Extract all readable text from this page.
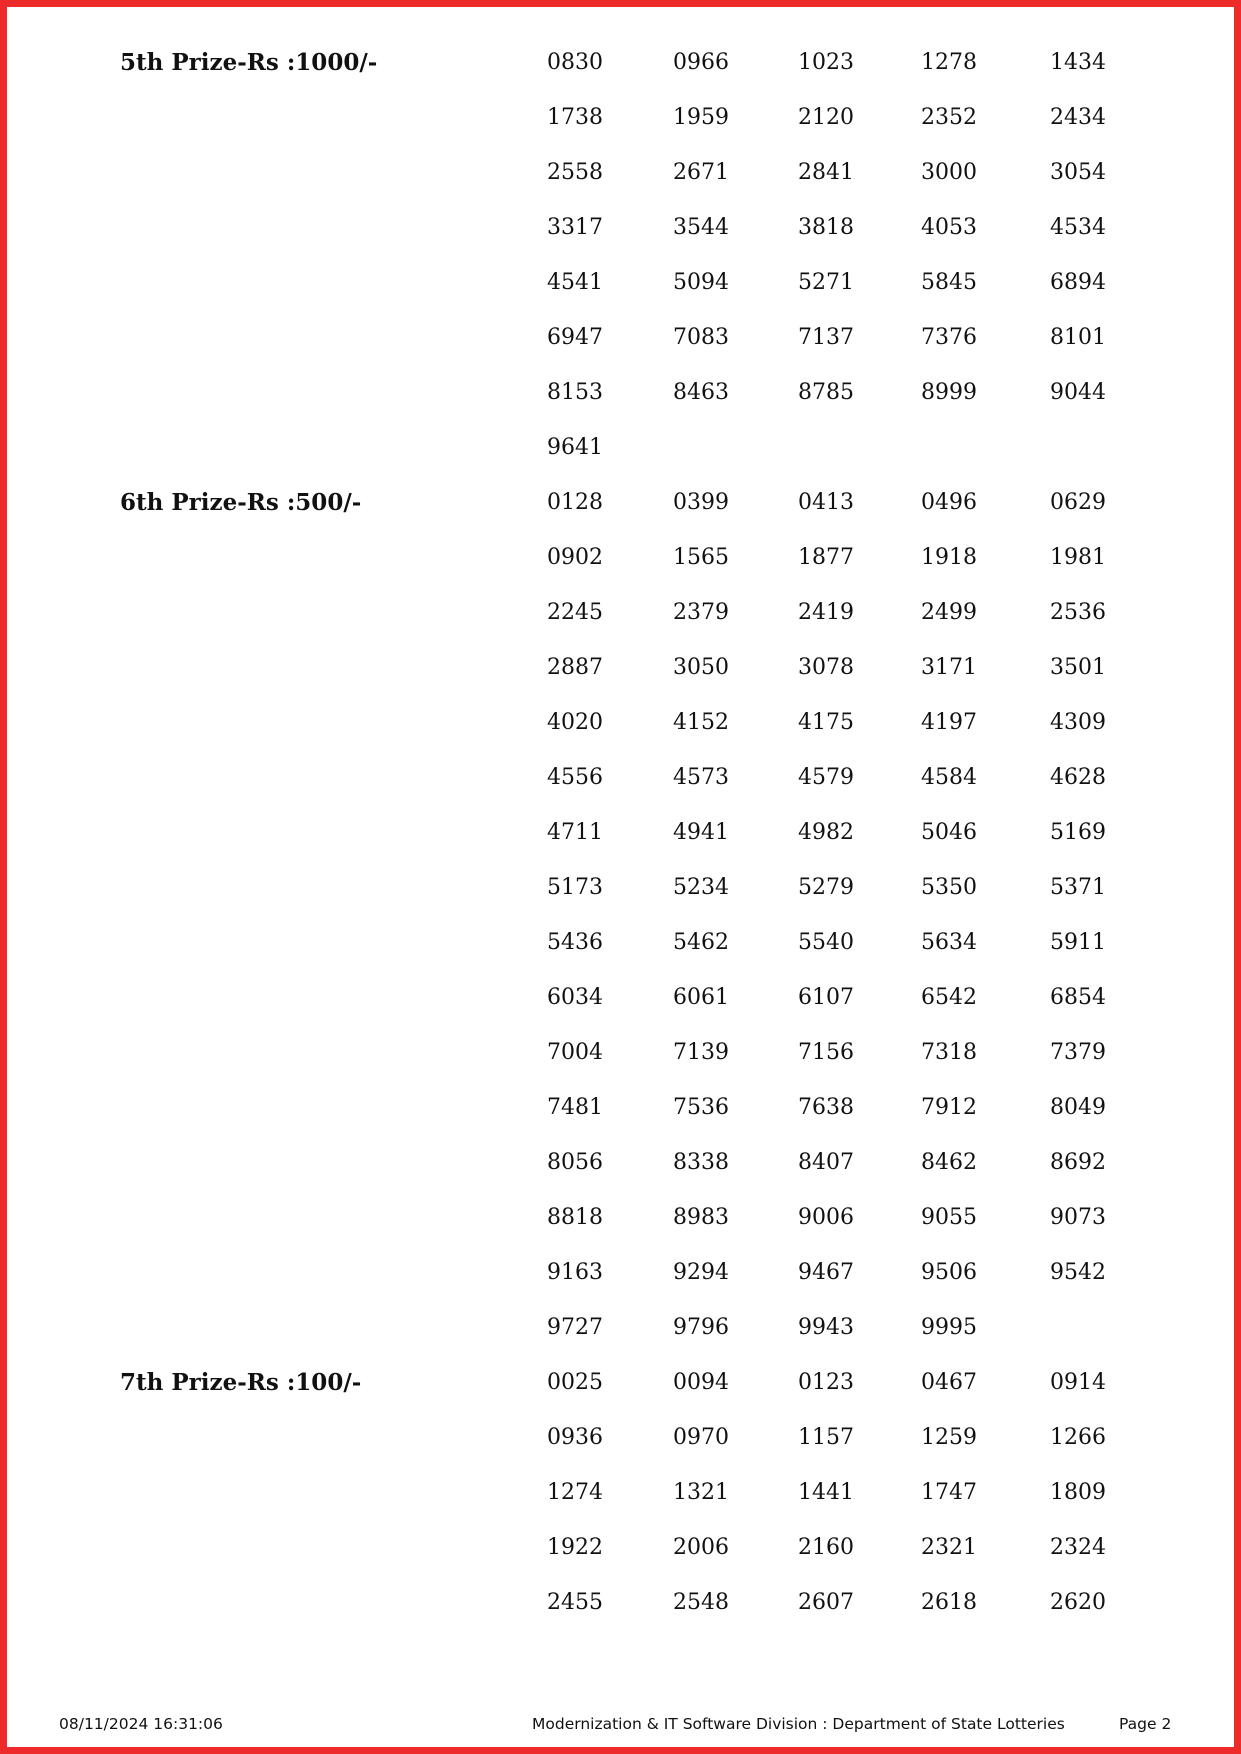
5th Prize-Rs :1000/-	0830	0966	1023	1278	1434
1738	1959	2120	2352	2434
2558	2671	2841	3000	3054
3317	3544	3818	4053	4534
4541	5094	5271	5845	6894
6947	7083	7137	7376	8101
8153	8463	8785	8999	9044
9641
6th Prize-Rs :500/-	0128	0399	0413	0496	0629
0902	1565	1877	1918	1981
2245	2379	2419	2499	2536
2887	3050	3078	3171	3501
4020	4152	4175	4197	4309
4556	4573	4579	4584	4628
4711	4941	4982	5046	5169
5173	5234	5279	5350	5371
5436	5462	5540	5634	5911
6034	6061	6107	6542	6854
7004	7139	7156	7318	7379
7481	7536	7638	7912	8049
8056	8338	8407	8462	8692
8818	8983	9006	9055	9073
9163	9294	9467	9506	9542
9727	9796	9943	9995
7th Prize-Rs :100/-	0025	0094	0123	0467	0914
0936	0970	1157	1259	1266
1274	1321	1441	1747	1809
1922	2006	2160	2321	2324
2455	2548	2607	2618	2620
08/11/2024 16:31:06	Modernization & IT Software Division : Department of State Lotteries	Page 2
